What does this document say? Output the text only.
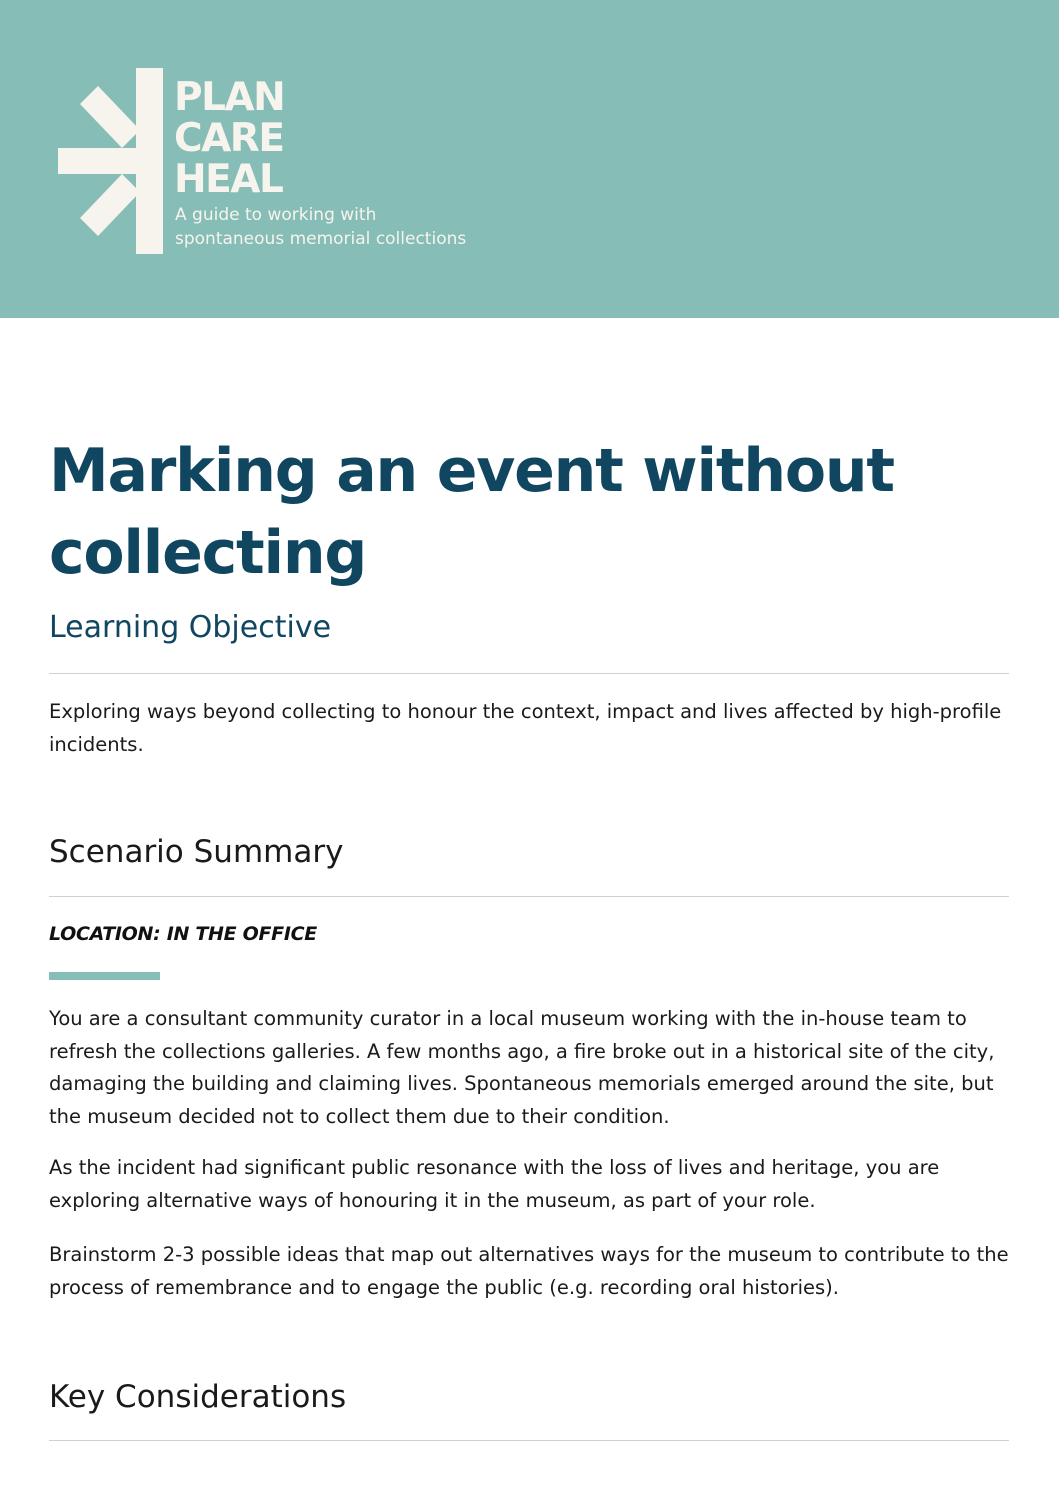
PLAN

CARE

HEAL

A guide to working with
spontaneous memorial collections

Marking an event without
collecting
Learning Objective

Exploring ways beyond collecting to honour the context, impact and lives affected by high-profile incidents.

Scenario Summary

LOCATION: IN THE OFFICE

You are a consultant community curator in a local museum working with the in-house team to refresh the collections galleries. A few months ago, a fire broke out in a historical site of the city, damaging the building and claiming lives. Spontaneous memorials emerged around the site, but the museum decided not to collect them due to their condition.

As the incident had significant public resonance with the loss of lives and heritage, you are exploring alternative ways of honouring it in the museum, as part of your role.

Brainstorm 2-3 possible ideas that map out alternatives ways for the museum to contribute to the process of remembrance and to engage the public (e.g. recording oral histories).

Key Considerations
